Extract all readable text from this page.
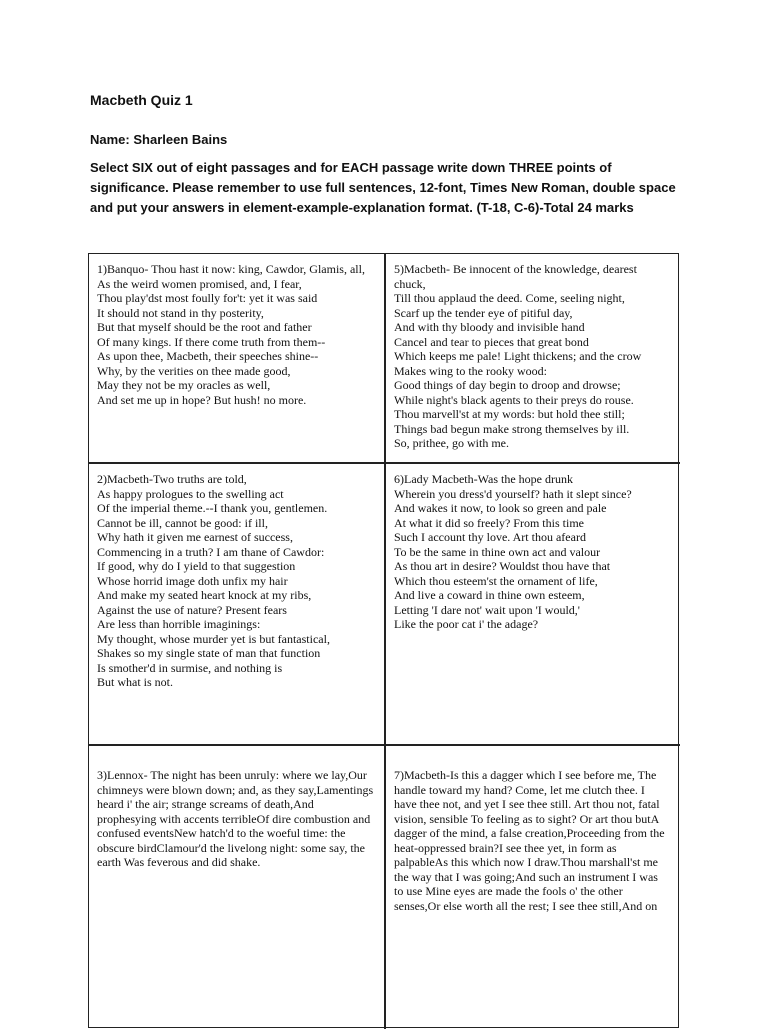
Macbeth Quiz 1
Name: Sharleen Bains
Select SIX out of eight passages and for EACH passage write down THREE points of significance. Please remember to use full sentences, 12-font, Times New Roman, double space and put your answers in element-example-explanation format. (T-18, C-6)-Total 24 marks
1)Banquo- Thou hast it now: king, Cawdor, Glamis, all,
As the weird women promised, and, I fear,
Thou play'dst most foully for't: yet it was said
It should not stand in thy posterity,
But that myself should be the root and father
Of many kings. If there come truth from them--
As upon thee, Macbeth, their speeches shine--
Why, by the verities on thee made good,
May they not be my oracles as well,
And set me up in hope? But hush! no more.
5)Macbeth- Be innocent of the knowledge, dearest chuck,
Till thou applaud the deed. Come, seeling night,
Scarf up the tender eye of pitiful day,
And with thy bloody and invisible hand
Cancel and tear to pieces that great bond
Which keeps me pale! Light thickens; and the crow
Makes wing to the rooky wood:
Good things of day begin to droop and drowse;
While night's black agents to their preys do rouse.
Thou marvell'st at my words: but hold thee still;
Things bad begun make strong themselves by ill.
So, prithee, go with me.
2)Macbeth-Two truths are told,
As happy prologues to the swelling act
Of the imperial theme.--I thank you, gentlemen.
Cannot be ill, cannot be good: if ill,
Why hath it given me earnest of success,
Commencing in a truth? I am thane of Cawdor:
If good, why do I yield to that suggestion
Whose horrid image doth unfix my hair
And make my seated heart knock at my ribs,
Against the use of nature? Present fears
Are less than horrible imaginings:
My thought, whose murder yet is but fantastical,
Shakes so my single state of man that function
Is smother'd in surmise, and nothing is
But what is not.
6)Lady Macbeth-Was the hope drunk
Wherein you dress'd yourself? hath it slept since?
And wakes it now, to look so green and pale
At what it did so freely? From this time
Such I account thy love. Art thou afeard
To be the same in thine own act and valour
As thou art in desire? Wouldst thou have that
Which thou esteem'st the ornament of life,
And live a coward in thine own esteem,
Letting 'I dare not' wait upon 'I would,'
Like the poor cat i' the adage?
3)Lennox- The night has been unruly: where we lay,Our chimneys were blown down; and, as they say,Lamentings heard i' the air; strange screams of death,And prophesying with accents terribleOf dire combustion and confused eventsNew hatch'd to the woeful time: the obscure birdClamour'd the livelong night: some say, the earth Was feverous and did shake.
7)Macbeth-Is this a dagger which I see before me, The handle toward my hand? Come, let me clutch thee. I have thee not, and yet I see thee still. Art thou not, fatal vision, sensible To feeling as to sight? Or art thou butA dagger of the mind, a false creation,Proceeding from the heat-oppressed brain?I see thee yet, in form as palpableAs this which now I draw.Thou marshall'st me the way that I was going;And such an instrument I was to use Mine eyes are made the fools o' the other senses,Or else worth all the rest; I see thee still,And on
